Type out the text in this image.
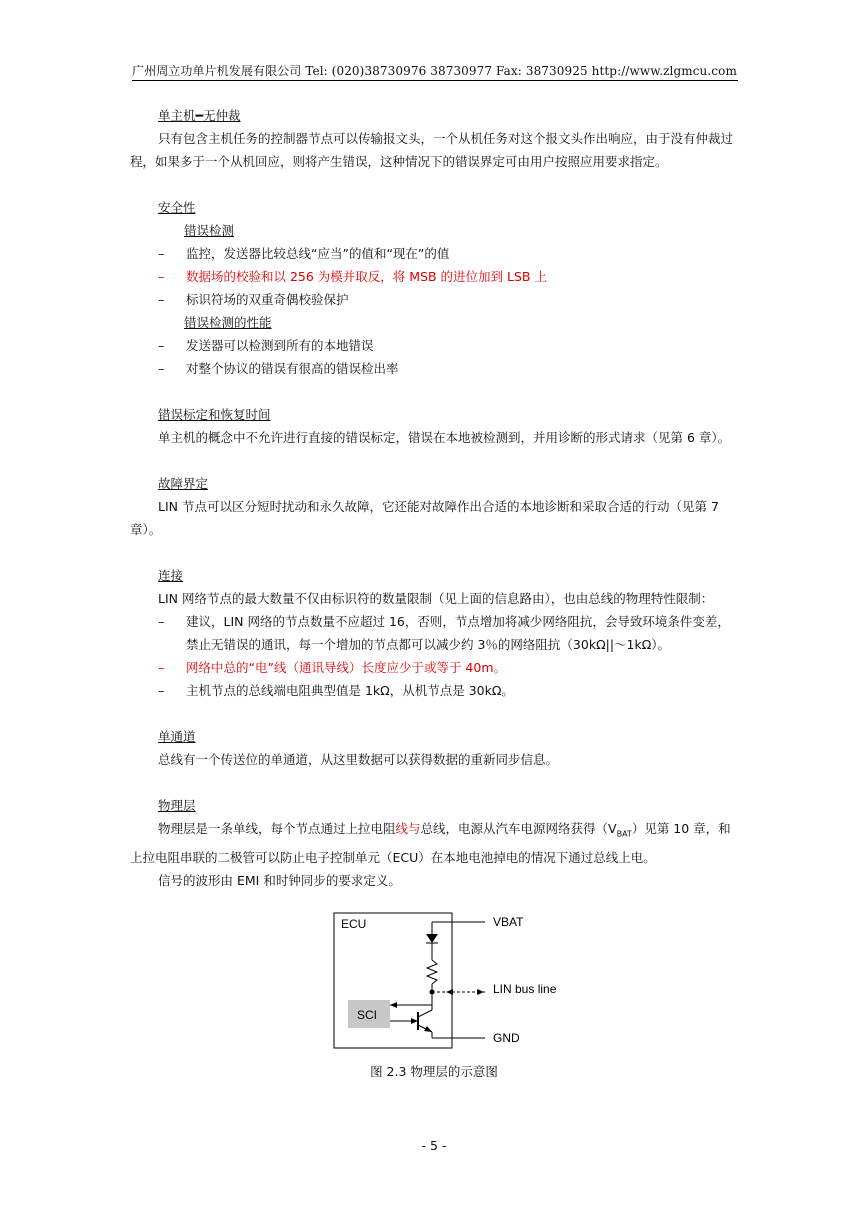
广州周立功单片机发展有限公司 Tel: (020)38730976 38730977 Fax: 38730925 http://www.zlgmcu.com
单主机━无仲裁
只有包含主机任务的控制器节点可以传输报文头，一个从机任务对这个报文头作出响应，由于没有仲裁过程，如果多于一个从机回应，则将产生错误，这种情况下的错误界定可由用户按照应用要求指定。
安全性
错误检测
–	监控，发送器比较总线“应当”的值和“现在”的值
–	数据场的校验和以 256 为模并取反，将 MSB 的进位加到 LSB 上
–	标识符场的双重奇偶校验保护
错误检测的性能
–	发送器可以检测到所有的本地错误
–	对整个协议的错误有很高的错误检出率
错误标定和恢复时间
单主机的概念中不允许进行直接的错误标定，错误在本地被检测到，并用诊断的形式请求（见第 6 章）。
故障界定
LIN 节点可以区分短时扰动和永久故障，它还能对故障作出合适的本地诊断和采取合适的行动（见第 7 章）。
连接
LIN 网络节点的最大数量不仅由标识符的数量限制（见上面的信息路由），也由总线的物理特性限制：
–	建议，LIN 网络的节点数量不应超过 16，否则，节点增加将减少网络阻抗，会导致环境条件变差，禁止无错误的通讯，每一个增加的节点都可以减少约 3％的网络阻抗（30kΩ||～1kΩ）。
–	网络中总的“电”线（通讯导线）长度应少于或等于 40m。
–	主机节点的总线端电阻典型值是 1kΩ，从机节点是 30kΩ。
单通道
总线有一个传送位的单通道，从这里数据可以获得数据的重新同步信息。
物理层
物理层是一条单线，每个节点通过上拉电阻线与总线，电源从汽车电源网络获得$(V_{BAT})$见第 10 章，和上拉电阻串联的二极管可以防止电子控制单元（ECU）在本地电池掉电的情况下通过总线上电。
信号的波形由 EMI 和时钟同步的要求定义。
ECU
SCI
VBAT
LIN bus line
GND
图 2.3 物理层的示意图
- 5 -
